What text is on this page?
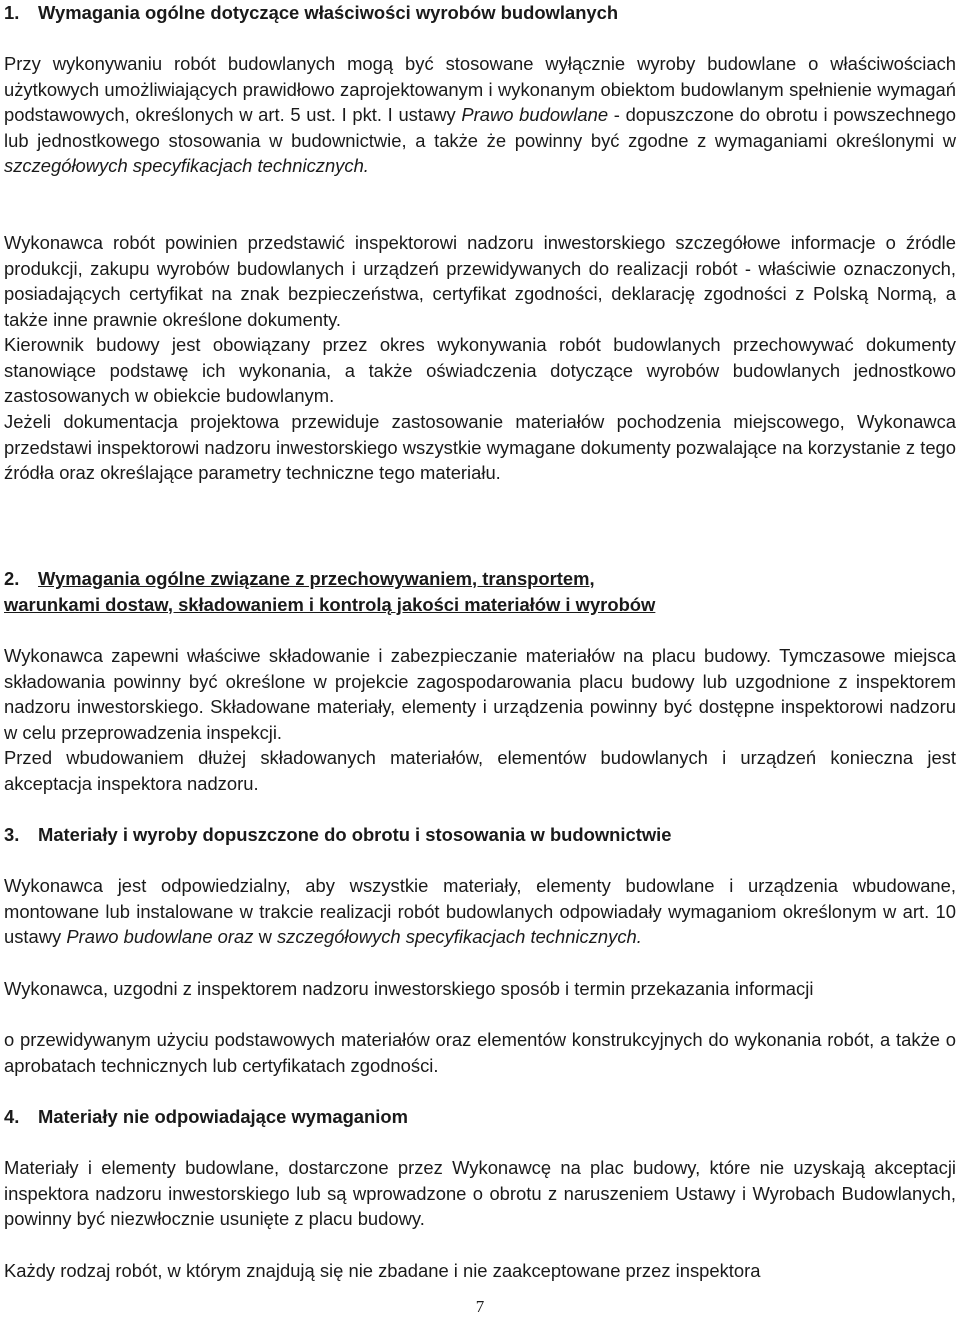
1. Wymagania ogólne dotyczące właściwości wyrobów budowlanych

Przy wykonywaniu robót budowlanych mogą być stosowane wyłącznie wyroby budowlane o właściwościach użytkowych umożliwiających prawidłowo zaprojektowanym i wykonanym obiektom budowlanym spełnienie wymagań podstawowych, określonych w art. 5 ust. I pkt. I ustawy Prawo budowlane - dopuszczone do obrotu i powszechnego lub jednostkowego stosowania w budownictwie, a także że powinny być zgodne z wymaganiami określonymi w szczegółowych specyfikacjach technicznych.

Wykonawca robót powinien przedstawić inspektorowi nadzoru inwestorskiego szczegółowe informacje o źródle produkcji, zakupu wyrobów budowlanych i urządzeń przewidywanych do realizacji robót - właściwie oznaczonych, posiadających certyfikat na znak bezpieczeństwa, certyfikat zgodności, deklarację zgodności z Polską Normą, a także inne prawnie określone dokumenty.

Kierownik budowy jest obowiązany przez okres wykonywania robót budowlanych przechowywać dokumenty stanowiące podstawę ich wykonania, a także oświadczenia dotyczące wyrobów budowlanych jednostkowo zastosowanych w obiekcie budowlanym.

Jeżeli dokumentacja projektowa przewiduje zastosowanie materiałów pochodzenia miejscowego, Wykonawca przedstawi inspektorowi nadzoru inwestorskiego wszystkie wymagane dokumenty pozwalające na korzystanie z tego źródła oraz określające parametry techniczne tego materiału.

2. Wymagania ogólne związane z przechowywaniem, transportem,
warunkami dostaw, składowaniem i kontrolą jakości materiałów i wyrobów

Wykonawca zapewni właściwe składowanie i zabezpieczanie materiałów na placu budowy. Tymczasowe miejsca składowania powinny być określone w projekcie zagospodarowania placu budowy lub uzgodnione z inspektorem nadzoru inwestorskiego. Składowane materiały, elementy i urządzenia powinny być dostępne inspektorowi nadzoru w celu przeprowadzenia inspekcji.

Przed wbudowaniem dłużej składowanych materiałów, elementów budowlanych i urządzeń konieczna jest akceptacja inspektora nadzoru.

3. Materiały i wyroby dopuszczone do obrotu i stosowania w budownictwie

Wykonawca jest odpowiedzialny, aby wszystkie materiały, elementy budowlane i urządzenia wbudowane, montowane lub instalowane w trakcie realizacji robót budowlanych odpowiadały wymaganiom określonym w art. 10 ustawy Prawo budowlane oraz w szczegółowych specyfikacjach technicznych.

Wykonawca, uzgodni z inspektorem nadzoru inwestorskiego sposób i termin przekazania informacji

o przewidywanym użyciu podstawowych materiałów oraz elementów konstrukcyjnych do wykonania robót, a także o aprobatach technicznych lub certyfikatach zgodności.

4. Materiały nie odpowiadające wymaganiom

Materiały i elementy budowlane, dostarczone przez Wykonawcę na plac budowy, które nie uzyskają akceptacji inspektora nadzoru inwestorskiego lub są wprowadzone o obrotu z naruszeniem Ustawy i Wyrobach Budowlanych, powinny być niezwłocznie usunięte z placu budowy.

Każdy rodzaj robót, w którym znajdują się nie zbadane i nie zaakceptowane przez inspektora

7
